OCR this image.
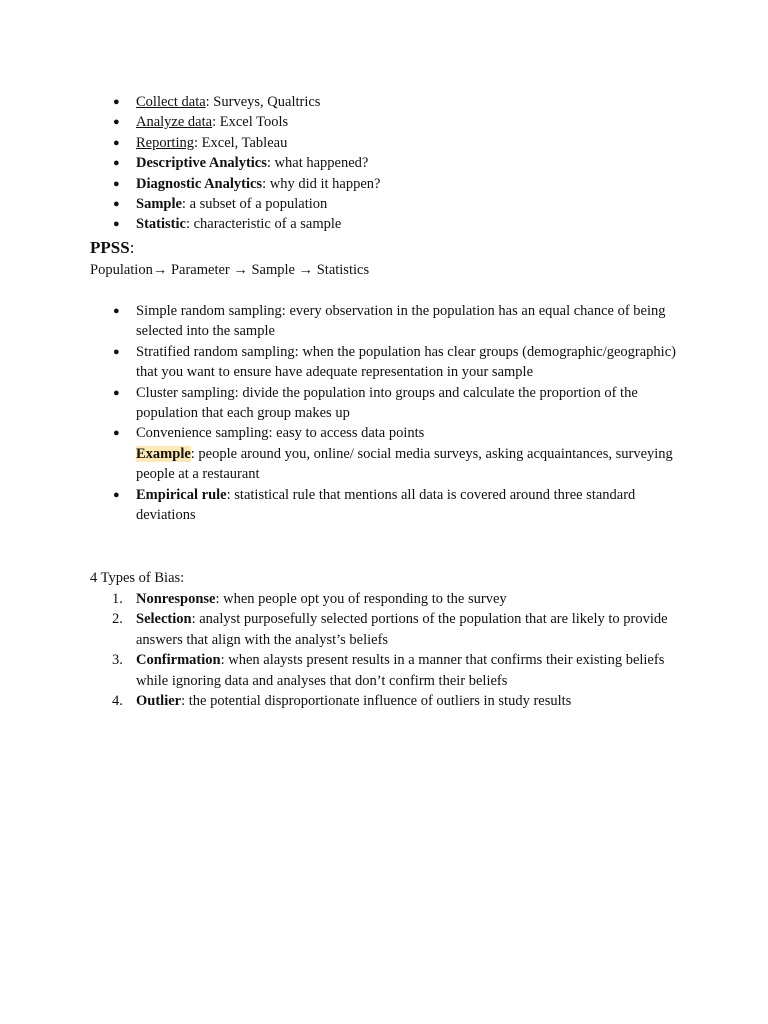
● Collect data: Surveys, Qualtrics
● Analyze data: Excel Tools
● Reporting: Excel, Tableau
● Descriptive Analytics: what happened?
● Diagnostic Analytics: why did it happen?
● Sample: a subset of a population
● Statistic: characteristic of a sample
PPSS:
Population→ Parameter → Sample → Statistics
● Simple random sampling: every observation in the population has an equal chance of being selected into the sample
● Stratified random sampling: when the population has clear groups (demographic/geographic) that you want to ensure have adequate representation in your sample
● Cluster sampling: divide the population into groups and calculate the proportion of the population that each group makes up
● Convenience sampling: easy to access data points
Example: people around you, online/ social media surveys, asking acquaintances, surveying people at a restaurant
● Empirical rule: statistical rule that mentions all data is covered around three standard deviations
4 Types of Bias:
1. Nonresponse: when people opt you of responding to the survey
2. Selection: analyst purposefully selected portions of the population that are likely to provide answers that align with the analyst’s beliefs
3. Confirmation: when alaysts present results in a manner that confirms their existing beliefs while ignoring data and analyses that don’t confirm their beliefs
4. Outlier: the potential disproportionate influence of outliers in study results
